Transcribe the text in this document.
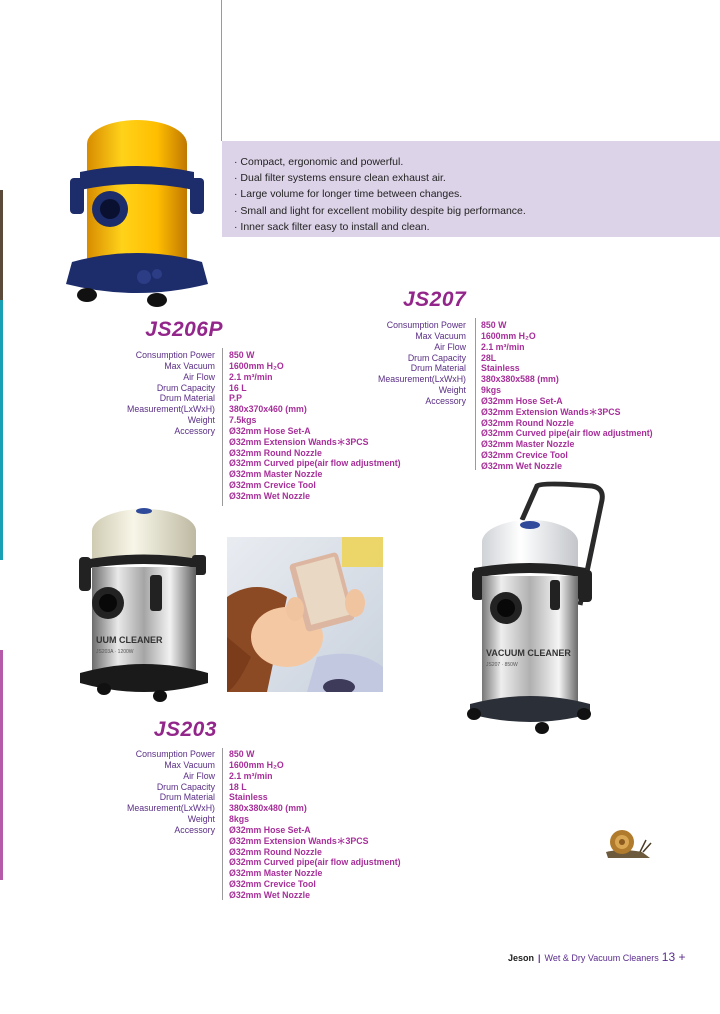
· Compact, ergonomic and powerful.
· Dual filter systems ensure clean exhaust air.
· Large volume for longer time between changes.
· Small and light for excellent mobility despite big performance.
· Inner sack filter easy to install and clean.
JS206P
Consumption Power
Max Vacuum
Air Flow
Drum Capacity
Drum Material
Measurement(LxWxH)
Weight
Accessory
850 W
1600mm H₂O
2.1 m³/min
16 L
P.P
380x370x460 (mm)
7.5kgs
Ø32mm Hose Set-A
Ø32mm Extension Wands＊3PCS
Ø32mm Round Nozzle
Ø32mm Curved pipe(air flow adjustment)
Ø32mm Master Nozzle
Ø32mm Crevice Tool
Ø32mm Wet Nozzle
JS207
Consumption Power
Max Vacuum
Air Flow
Drum Capacity
Drum Material
Measurement(LxWxH)
Weight
Accessory
850 W
1600mm H₂O
2.1 m³/min
28L
Stainless
380x380x588 (mm)
9kgs
Ø32mm Hose Set-A
Ø32mm Extension Wands＊3PCS
Ø32mm Round Nozzle
Ø32mm Curved pipe(air flow adjustment)
Ø32mm Master Nozzle
Ø32mm Crevice Tool
Ø32mm Wet Nozzle
UUM CLEANER
JS203A · 1200W	VACUUM CLEANER
JS207 · 850W
JS203
Consumption Power
Max Vacuum
Air Flow
Drum Capacity
Drum Material
Measurement(LxWxH)
Weight
Accessory
850 W
1600mm H₂O
2.1 m³/min
18 L
Stainless
380x380x480 (mm)
8kgs
Ø32mm Hose Set-A
Ø32mm Extension Wands＊3PCS
Ø32mm Round Nozzle
Ø32mm Curved pipe(air flow adjustment)
Ø32mm Master Nozzle
Ø32mm Crevice Tool
Ø32mm Wet Nozzle
Jeson | Wet & Dry Vacuum Cleaners 13 +
